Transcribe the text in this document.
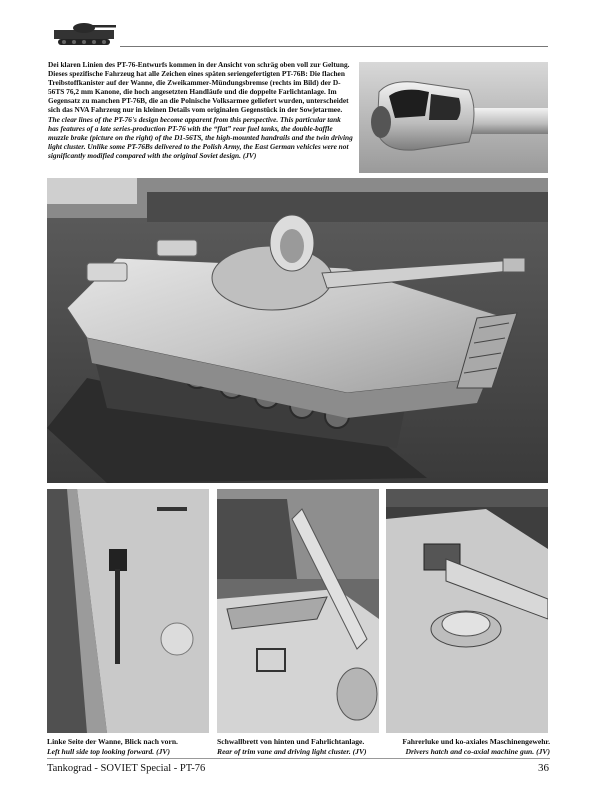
Dei klaren Linien des PT-76-Entwurfs kommen in der Ansicht von schräg oben voll zur Geltung. Dieses spezifische Fahrzeug hat alle Zeichen eines späten seriengefertigten PT-76B: Die flachen Treibstoffkanister auf der Wanne, die Zweikammer-Mündungsbremse (rechts im Bild) der D-56TS 76,2 mm Kanone, die hoch angesetzten Handläufe und die doppelte Farlichtanlage. Im Gegensatz zu manchen PT-76B, die an die Polnische Volksarmee geliefert wurden, unterscheidet sich das NVA Fahrzeug nur in kleinen Details vom originalen Gegenstück in der Sowjetarmee.
The clear lines of the PT-76's design become apparent from this perspective. This particular tank has features of a late series-production PT-76 with the “flat” rear fuel tanks, the double-baffle muzzle brake (picture on the right) of the D1-56TS, the high-mounted handrails and the twin driving light cluster. Unlike some PT-76Bs delivered to the Polish Army, the East German vehicles were not significantly modified compared with the original Soviet design. (JV)
Linke Seite der Wanne, Blick nach vorn.
Left hull side top looking forward. (JV)
Schwallbrett von hinten und Fahrlichtanlage.
Rear of trim vane and driving light cluster. (JV)
Fahrerluke und ko-axiales Maschinengewehr.
Drivers hatch and co-axial machine gun. (JV)
Tankograd - SOVIET Special - PT-76	36
